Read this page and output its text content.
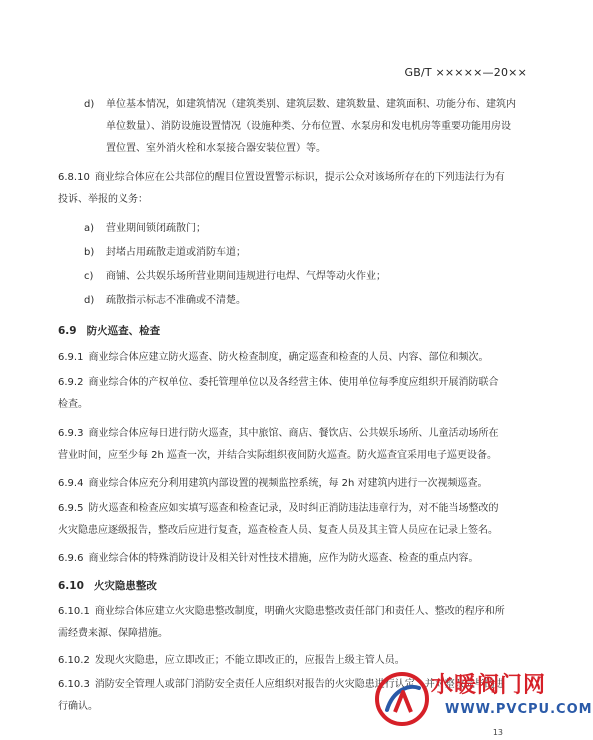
GB/T ×××××—20××
d) 单位基本情况，如建筑情况（建筑类别、建筑层数、建筑数量、建筑面积、功能分布、建筑内
单位数量）、消防设施设置情况（设施种类、分布位置、水泵房和发电机房等重要功能用房设
置位置、室外消火栓和水泵接合器安装位置）等。
6.8.10 商业综合体应在公共部位的醒目位置设置警示标识，提示公众对该场所存在的下列违法行为有
投诉、举报的义务：
a) 营业期间锁闭疏散门；
b) 封堵占用疏散走道或消防车道；
c) 商铺、公共娱乐场所营业期间违规进行电焊、气焊等动火作业；
d) 疏散指示标志不准确或不清楚。
6.9 防火巡查、检查
6.9.1 商业综合体应建立防火巡查、防火检查制度，确定巡查和检查的人员、内容、部位和频次。
6.9.2 商业综合体的产权单位、委托管理单位以及各经营主体、使用单位每季度应组织开展消防联合
检查。
6.9.3 商业综合体应每日进行防火巡查，其中旅馆、商店、餐饮店、公共娱乐场所、儿童活动场所在
营业时间，应至少每 2h 巡查一次，并结合实际组织夜间防火巡查。防火巡查宜采用电子巡更设备。
6.9.4 商业综合体应充分利用建筑内部设置的视频监控系统，每 2h 对建筑内进行一次视频巡查。
6.9.5 防火巡查和检查应如实填写巡查和检查记录，及时纠正消防违法违章行为，对不能当场整改的
火灾隐患应逐级报告，整改后应进行复查，巡查检查人员、复查人员及其主管人员应在记录上签名。
6.9.6 商业综合体的特殊消防设计及相关针对性技术措施，应作为防火巡查、检查的重点内容。
6.10 火灾隐患整改
6.10.1 商业综合体应建立火灾隐患整改制度，明确火灾隐患整改责任部门和责任人、整改的程序和所
需经费来源、保障措施。
6.10.2 发现火灾隐患，应立即改正；不能立即改正的，应报告上级主管人员。
6.10.3 消防安全管理人或部门消防安全责任人应组织对报告的火灾隐患进行认定，并对整改完毕的进
行确认。
13
水暖阀门网
WWW.PVCPU.COM
